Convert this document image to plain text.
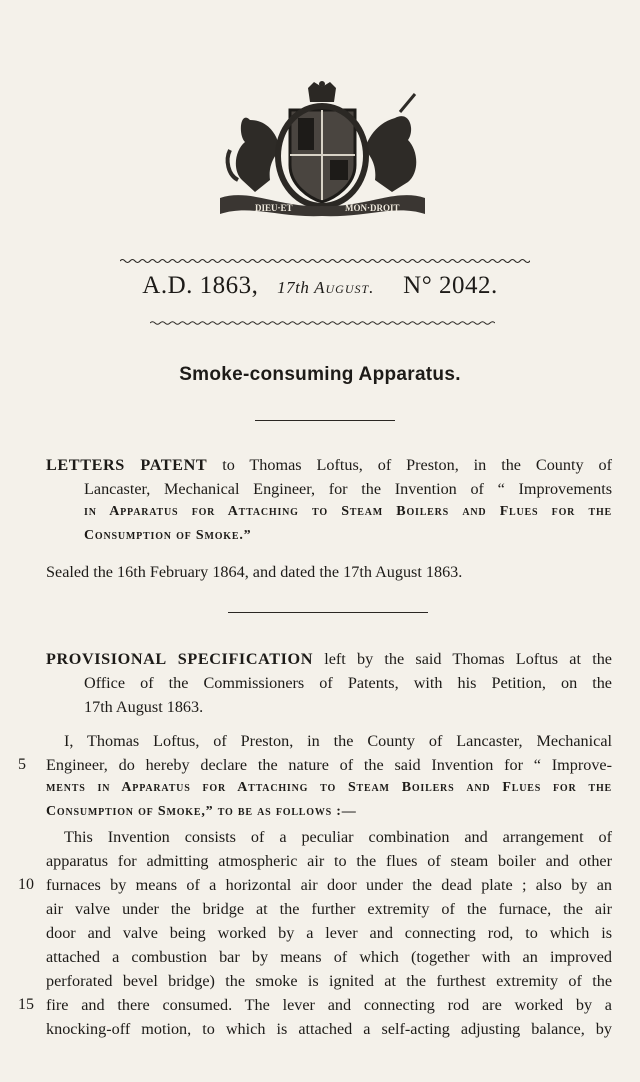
DIEU·ET	MON·DROIT
A.D. 1863, 17th August. N° 2042.
Smoke-consuming Apparatus.
LETTERS PATENT to Thomas Loftus, of Preston, in the County of
Lancaster, Mechanical Engineer, for the Invention of “ Improvements
in Apparatus for Attaching to Steam Boilers and Flues for the
Consumption of Smoke.”
Sealed the 16th February 1864, and dated the 17th August 1863.
PROVISIONAL SPECIFICATION left by the said Thomas Loftus at the
Office of the Commissioners of Patents, with his Petition, on the
17th August 1863.
I, Thomas Loftus, of Preston, in the County of Lancaster, Mechanical
5 Engineer, do hereby declare the nature of the said Invention for “ Improve-
ments in Apparatus for Attaching to Steam Boilers and Flues for the
Consumption of Smoke,” to be as follows :—
This Invention consists of a peculiar combination and arrangement of
apparatus for admitting atmospheric air to the flues of steam boiler and other
10 furnaces by means of a horizontal air door under the dead plate ; also by an
air valve under the bridge at the further extremity of the furnace, the air
door and valve being worked by a lever and connecting rod, to which is
attached a combustion bar by means of which (together with an improved
perforated bevel bridge) the smoke is ignited at the furthest extremity of the
15 fire and there consumed. The lever and connecting rod are worked by a
knocking-off motion, to which is attached a self-acting adjusting balance, by
